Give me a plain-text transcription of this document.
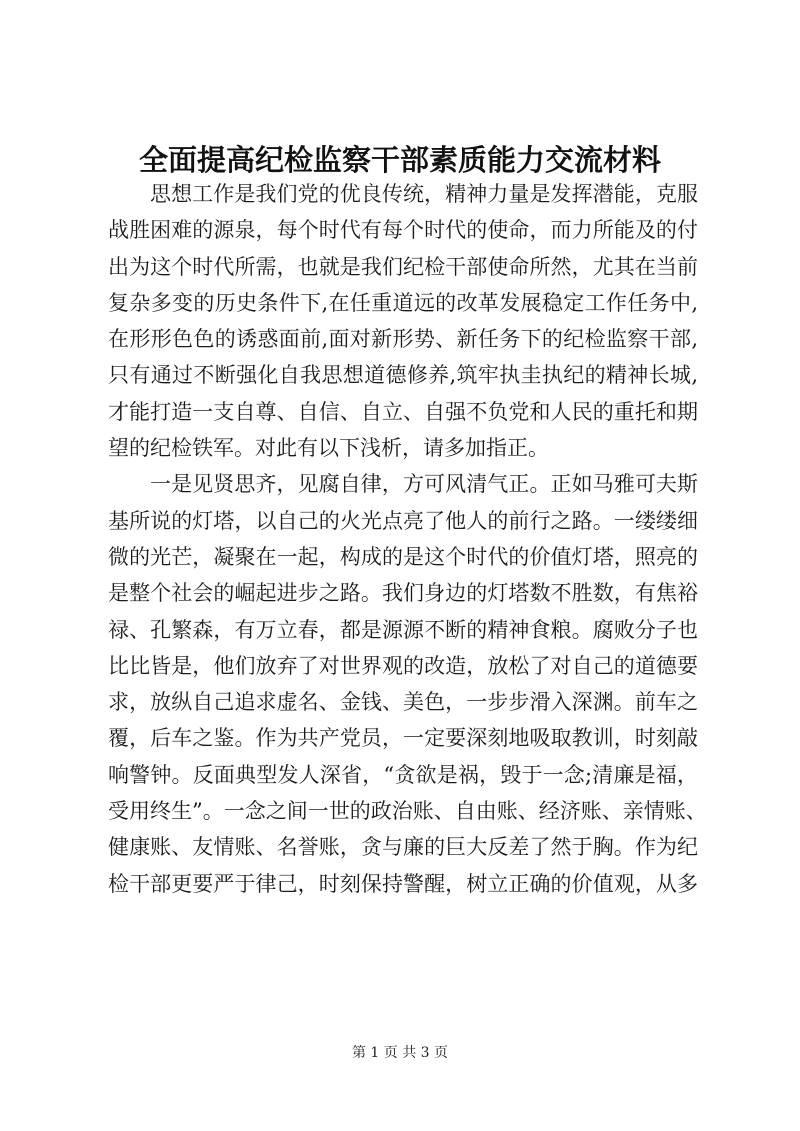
全面提高纪检监察干部素质能力交流材料
思想工作是我们党的优良传统，精神力量是发挥潜能，克服
战胜困难的源泉，每个时代有每个时代的使命，而力所能及的付
出为这个时代所需，也就是我们纪检干部使命所然，尤其在当前
复杂多变的历史条件下,在任重道远的改革发展稳定工作任务中,
在形形色色的诱惑面前,面对新形势、新任务下的纪检监察干部,
只有通过不断强化自我思想道德修养,筑牢执圭执纪的精神长城,
才能打造一支自尊、自信、自立、自强不负党和人民的重托和期
望的纪检铁军。对此有以下浅析，请多加指正。
一是见贤思齐，见腐自律，方可风清气正。正如马雅可夫斯
基所说的灯塔，以自己的火光点亮了他人的前行之路。一缕缕细
微的光芒，凝聚在一起，构成的是这个时代的价值灯塔，照亮的
是整个社会的崛起进步之路。我们身边的灯塔数不胜数，有焦裕
禄、孔繁森，有万立春，都是源源不断的精神食粮。腐败分子也
比比皆是，他们放弃了对世界观的改造，放松了对自己的道德要
求，放纵自己追求虚名、金钱、美色，一步步滑入深渊。前车之
覆，后车之鉴。作为共产党员，一定要深刻地吸取教训，时刻敲
响警钟。反面典型发人深省，“贪欲是祸，毁于一念;清廉是福，
受用终生”。一念之间一世的政治账、自由账、经济账、亲情账、
健康账、友情账、名誉账，贪与廉的巨大反差了然于胸。作为纪
检干部更要严于律己，时刻保持警醒，树立正确的价值观，从多
第 1 页 共 3 页
